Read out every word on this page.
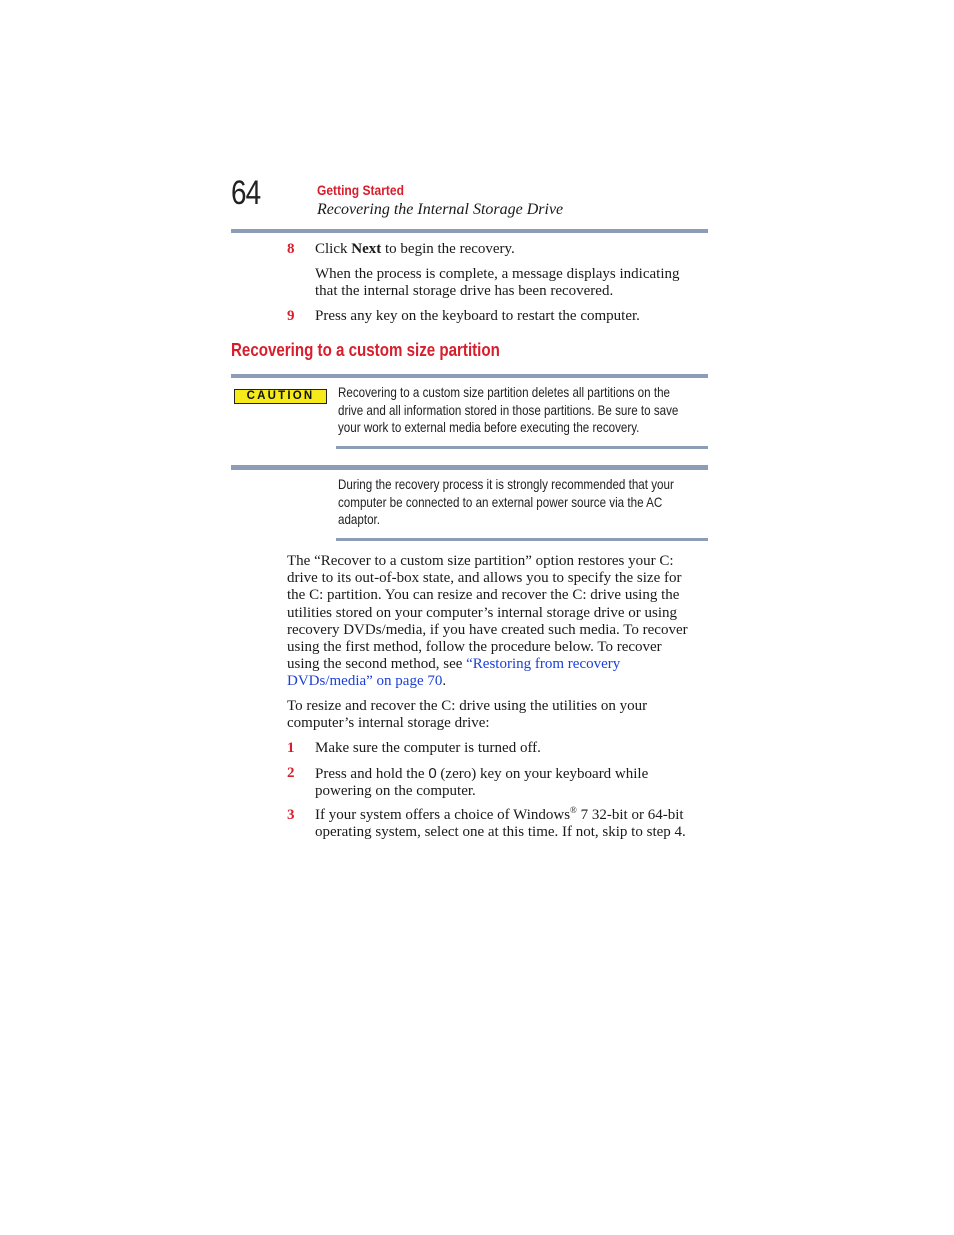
64	Getting Started
Recovering the Internal Storage Drive
8 Click Next to begin the recovery.
When the process is complete, a message displays indicating
that the internal storage drive has been recovered.
9 Press any key on the keyboard to restart the computer.
Recovering to a custom size partition
CAUTION	Recovering to a custom size partition deletes all partitions on the
drive and all information stored in those partitions. Be sure to save
your work to external media before executing the recovery.
During the recovery process it is strongly recommended that your
computer be connected to an external power source via the AC
adaptor.
The “Recover to a custom size partition” option restores your C:
drive to its out-of-box state, and allows you to specify the size for
the C: partition. You can resize and recover the C: drive using the
utilities stored on your computer’s internal storage drive or using
recovery DVDs/media, if you have created such media. To recover
using the first method, follow the procedure below. To recover
using the second method, see “Restoring from recovery
DVDs/media” on page 70.
To resize and recover the C: drive using the utilities on your
computer’s internal storage drive:
1 Make sure the computer is turned off.
2 Press and hold the 0 (zero) key on your keyboard while
powering on the computer.
3 If your system offers a choice of Windows® 7 32-bit or 64-bit
operating system, select one at this time. If not, skip to step 4.
